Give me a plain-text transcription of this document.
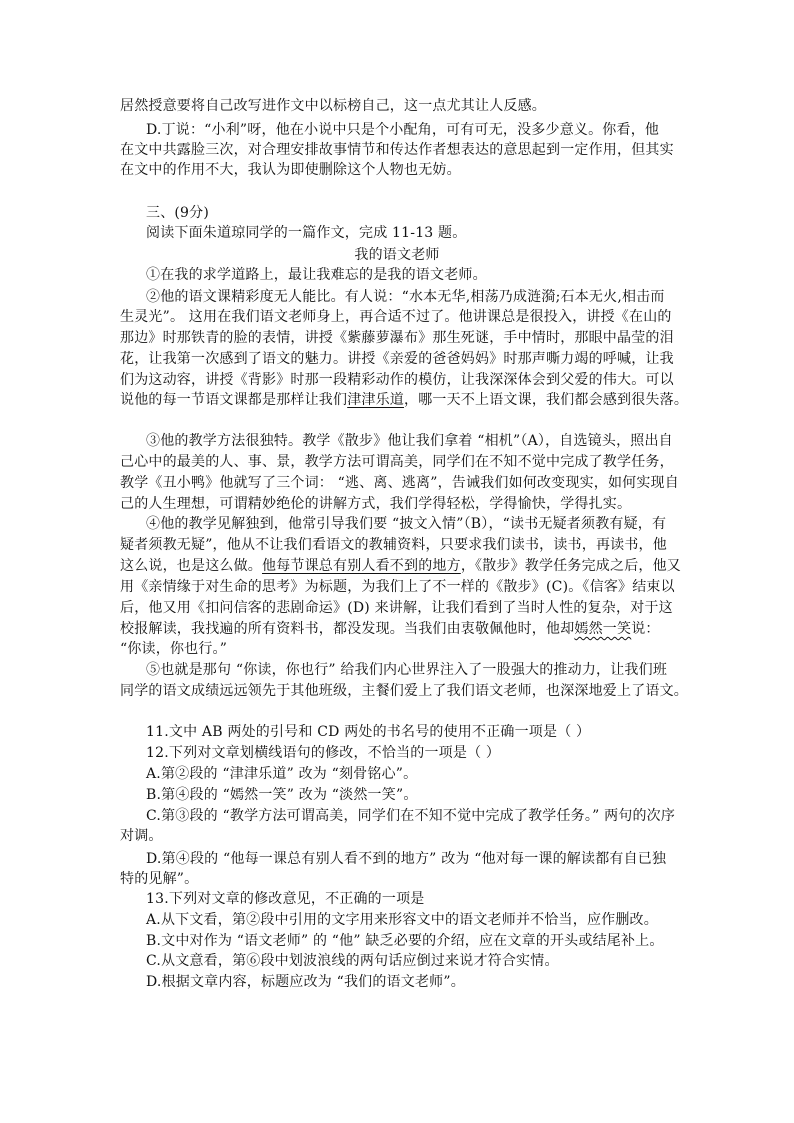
居然授意要将自己改写进作文中以标榜自己，这一点尤其让人反感。
D.丁说：“小利”呀，他在小说中只是个小配角，可有可无，没多少意义。你看，他
在文中共露脸三次，对合理安排故事情节和传达作者想表达的意思起到一定作用，但其实
在文中的作用不大，我认为即使删除这个人物也无妨。
三、(9分)
阅读下面朱道琼同学的一篇作文，完成 11-13 题。
我的语文老师
①在我的求学道路上，最让我难忘的是我的语文老师。
②他的语文课精彩度无人能比。有人说：“水本无华,相荡乃成涟漪;石本无火,相击而
生灵光”。 这用在我们语文老师身上，再合适不过了。他讲课总是很投入，讲授《在山的
那边》时那铁青的脸的表情，讲授《紫藤萝瀑布》那生死谜，手中情时，那眼中晶莹的泪
花，让我第一次感到了语文的魅力。讲授《亲爱的爸爸妈妈》时那声嘶力竭的呼喊，让我
们为这动容，讲授《背影》时那一段精彩动作的模仿，让我深深体会到父爱的伟大。可以
说他的每一节语文课都是那样让我们津津乐道，哪一天不上语文课，我们都会感到很失落。
③他的教学方法很独特。教学《散步》他让我们拿着 “相机”（A），自选镜头，照出自
己心中的最美的人、事、景，教学方法可谓高美，同学们在不知不觉中完成了教学任务，
教学《丑小鸭》他就写了三个词： “逃、离、逃离”，告诫我们如何改变现实，如何实现自
己的人生理想，可谓精妙绝伦的讲解方式，我们学得轻松，学得愉快，学得扎实。
④他的教学见解独到，他常引导我们要 “披文入情”（B），“读书无疑者须教有疑，有
疑者须教无疑”，他从不让我们看语文的教辅资料，只要求我们读书，读书，再读书，他
这么说，也是这么做。他每节课总有别人看不到的地方，《散步》教学任务完成之后，他又
用《亲情缘于对生命的思考》为标题，为我们上了不一样的《散步》(C)。《信客》结束以
后，他又用《扣问信客的悲剧命运》(D) 来讲解，让我们看到了当时人性的复杂，对于这
校报解读，我找遍的所有资料书，都没发现。当我们由衷敬佩他时，他却嫣然一笑说：
“你读，你也行。”
⑤也就是那句 “你读，你也行” 给我们内心世界注入了一股强大的推动力，让我们班
同学的语文成绩远远领先于其他班级，主餐们爱上了我们语文老师，也深深地爱上了语文。
11.文中 AB 两处的引号和 CD 两处的书名号的使用不正确一项是（ ）
12.下列对文章划横线语句的修改，不恰当的一项是（ ）
A.第②段的 “津津乐道” 改为 “刻骨铭心”。
B.第④段的 “嫣然一笑” 改为 “淡然一笑”。
C.第③段的 “教学方法可谓高美，同学们在不知不觉中完成了教学任务。” 两句的次序
对调。
D.第④段的 “他每一课总有别人看不到的地方” 改为 “他对每一课的解读都有自已独
特的见解”。
13.下列对文章的修改意见，不正确的一项是
A.从下文看，第②段中引用的文字用来形容文中的语文老师并不恰当，应作删改。
B.文中对作为 “语文老师” 的 “他” 缺乏必要的介绍，应在文章的开头或结尾补上。
C.从文意看，第⑥段中划波浪线的两句话应倒过来说才符合实情。
D.根据文章内容，标题应改为 “我们的语文老师”。
